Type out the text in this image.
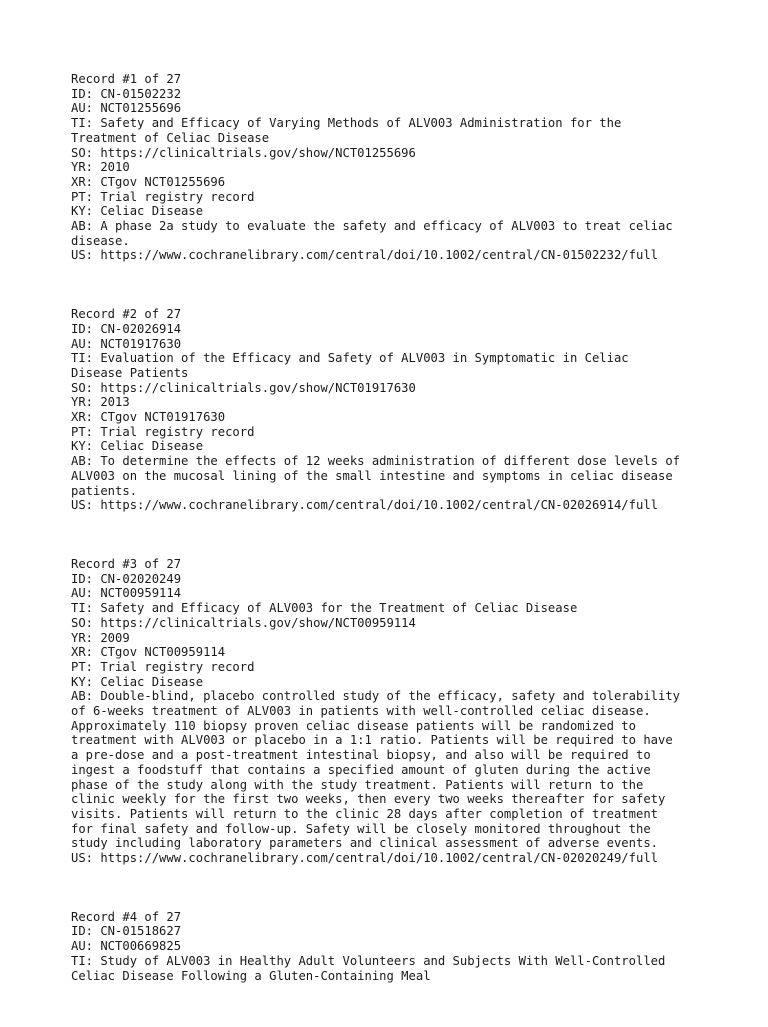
Record #1 of 27
ID: CN-01502232
AU: NCT01255696
TI: Safety and Efficacy of Varying Methods of ALV003 Administration for the
Treatment of Celiac Disease
SO: https://clinicaltrials.gov/show/NCT01255696
YR: 2010
XR: CTgov NCT01255696
PT: Trial registry record
KY: Celiac Disease
AB: A phase 2a study to evaluate the safety and efficacy of ALV003 to treat celiac
disease.
US: https://www.cochranelibrary.com/central/doi/10.1002/central/CN-01502232/full
Record #2 of 27
ID: CN-02026914
AU: NCT01917630
TI: Evaluation of the Efficacy and Safety of ALV003 in Symptomatic in Celiac
Disease Patients
SO: https://clinicaltrials.gov/show/NCT01917630
YR: 2013
XR: CTgov NCT01917630
PT: Trial registry record
KY: Celiac Disease
AB: To determine the effects of 12 weeks administration of different dose levels of
ALV003 on the mucosal lining of the small intestine and symptoms in celiac disease
patients.
US: https://www.cochranelibrary.com/central/doi/10.1002/central/CN-02026914/full
Record #3 of 27
ID: CN-02020249
AU: NCT00959114
TI: Safety and Efficacy of ALV003 for the Treatment of Celiac Disease
SO: https://clinicaltrials.gov/show/NCT00959114
YR: 2009
XR: CTgov NCT00959114
PT: Trial registry record
KY: Celiac Disease
AB: Double-blind, placebo controlled study of the efficacy, safety and tolerability
of 6-weeks treatment of ALV003 in patients with well-controlled celiac disease.
Approximately 110 biopsy proven celiac disease patients will be randomized to
treatment with ALV003 or placebo in a 1:1 ratio. Patients will be required to have
a pre-dose and a post-treatment intestinal biopsy, and also will be required to
ingest a foodstuff that contains a specified amount of gluten during the active
phase of the study along with the study treatment. Patients will return to the
clinic weekly for the first two weeks, then every two weeks thereafter for safety
visits. Patients will return to the clinic 28 days after completion of treatment
for final safety and follow-up. Safety will be closely monitored throughout the
study including laboratory parameters and clinical assessment of adverse events.
US: https://www.cochranelibrary.com/central/doi/10.1002/central/CN-02020249/full
Record #4 of 27
ID: CN-01518627
AU: NCT00669825
TI: Study of ALV003 in Healthy Adult Volunteers and Subjects With Well-Controlled
Celiac Disease Following a Gluten-Containing Meal
